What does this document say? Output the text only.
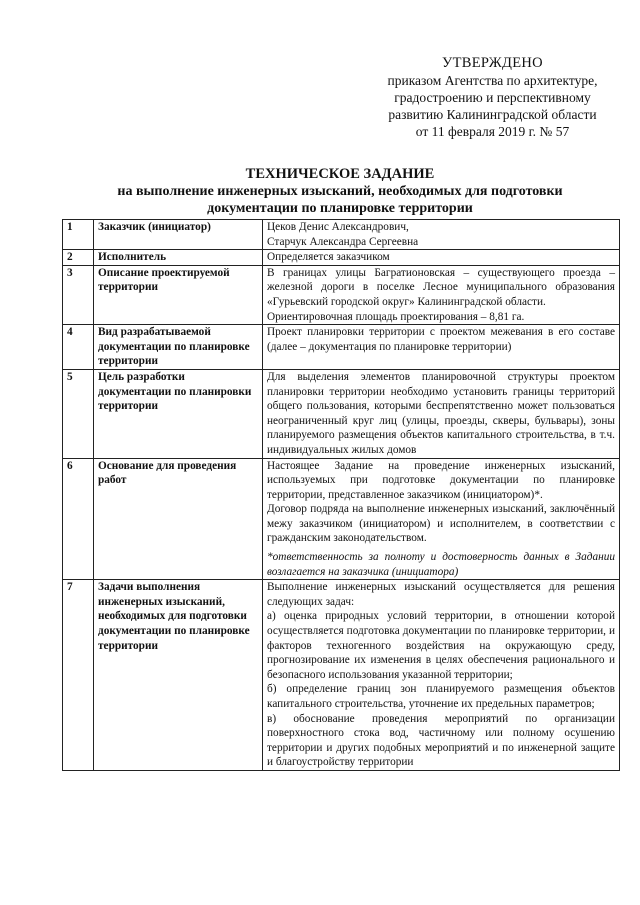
УТВЕРЖДЕНО
приказом Агентства по архитектуре,
градостроению и перспективному
развитию Калининградской области
от 11 февраля 2019 г. № 57
ТЕХНИЧЕСКОЕ ЗАДАНИЕ
на выполнение инженерных изысканий, необходимых для подготовки
документации по планировке территории
1	Заказчик (инициатор)	Цеков Денис Александрович,

Старчук Александра Сергеевна

2	Исполнитель	Определяется заказчиком

3	Описание проектируемой территории	В границах улицы Багратионовская – существующего проезда – железной дороги в поселке Лесное муниципального образования «Гурьевский городской округ» Калининградской области.

Ориентировочная площадь проектирования – 8,81 га.

4	Вид разрабатываемой документации по планировке территории	Проект планировки территории с проектом межевания в его составе (далее – документация по планировке территории)

5	Цель разработки документации по планировки территории	Для выделения элементов планировочной структуры проектом планировки территории необходимо установить границы территорий общего пользования, которыми беспрепятственно может пользоваться неограниченный круг лиц (улицы, проезды, скверы, бульвары), зоны планируемого размещения объектов капитального строительства, в т.ч. индивидуальных жилых домов

6	Основание для проведения работ	Настоящее Задание на проведение инженерных изысканий, используемых при подготовке документации по планировке территории, представленное заказчиком (инициатором)*.

Договор подряда на выполнение инженерных изысканий, заключённый межу заказчиком (инициатором) и исполнителем, в соответствии с гражданским законодательством.

*ответственность за полноту и достоверность данных в Задании возлагается на заказчика (инициатора)

7	Задачи выполнения инженерных изысканий, необходимых для подготовки документации по планировке территории	Выполнение инженерных изысканий осуществляется для решения следующих задач:

а) оценка природных условий территории, в отношении которой осуществляется подготовка документации по планировке территории, и факторов техногенного воздействия на окружающую среду, прогнозирование их изменения в целях обеспечения рационального и безопасного использования указанной территории;

б) определение границ зон планируемого размещения объектов капитального строительства, уточнение их предельных параметров;

в) обоснование проведения мероприятий по организации поверхностного стока вод, частичному или полному осушению территории и других подобных мероприятий и по инженерной защите и благоустройству территории
